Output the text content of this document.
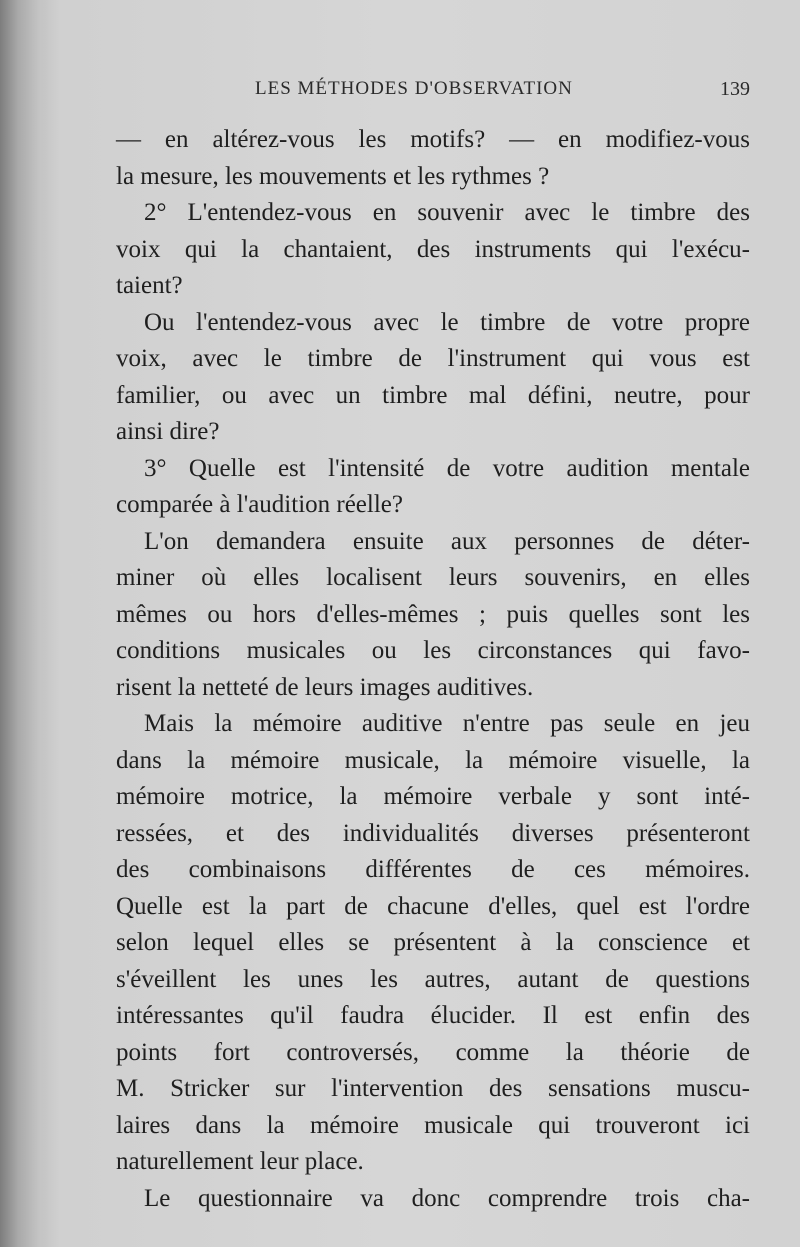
LES MÉTHODES D'OBSERVATION	139
— en altérez-vous les motifs? — en modifiez-vous
la mesure, les mouvements et les rythmes ?
2° L'entendez-vous en souvenir avec le timbre des
voix qui la chantaient, des instruments qui l'exécu-
taient?
Ou l'entendez-vous avec le timbre de votre propre
voix, avec le timbre de l'instrument qui vous est
familier, ou avec un timbre mal défini, neutre, pour
ainsi dire?
3° Quelle est l'intensité de votre audition mentale
comparée à l'audition réelle?
L'on demandera ensuite aux personnes de déter-
miner où elles localisent leurs souvenirs, en elles
mêmes ou hors d'elles-mêmes ; puis quelles sont les
conditions musicales ou les circonstances qui favo-
risent la netteté de leurs images auditives.
Mais la mémoire auditive n'entre pas seule en jeu
dans la mémoire musicale, la mémoire visuelle, la
mémoire motrice, la mémoire verbale y sont inté-
ressées, et des individualités diverses présenteront
des combinaisons différentes de ces mémoires.
Quelle est la part de chacune d'elles, quel est l'ordre
selon lequel elles se présentent à la conscience et
s'éveillent les unes les autres, autant de questions
intéressantes qu'il faudra élucider. Il est enfin des
points fort controversés, comme la théorie de
M. Stricker sur l'intervention des sensations muscu-
laires dans la mémoire musicale qui trouveront ici
naturellement leur place.
Le questionnaire va donc comprendre trois cha-
